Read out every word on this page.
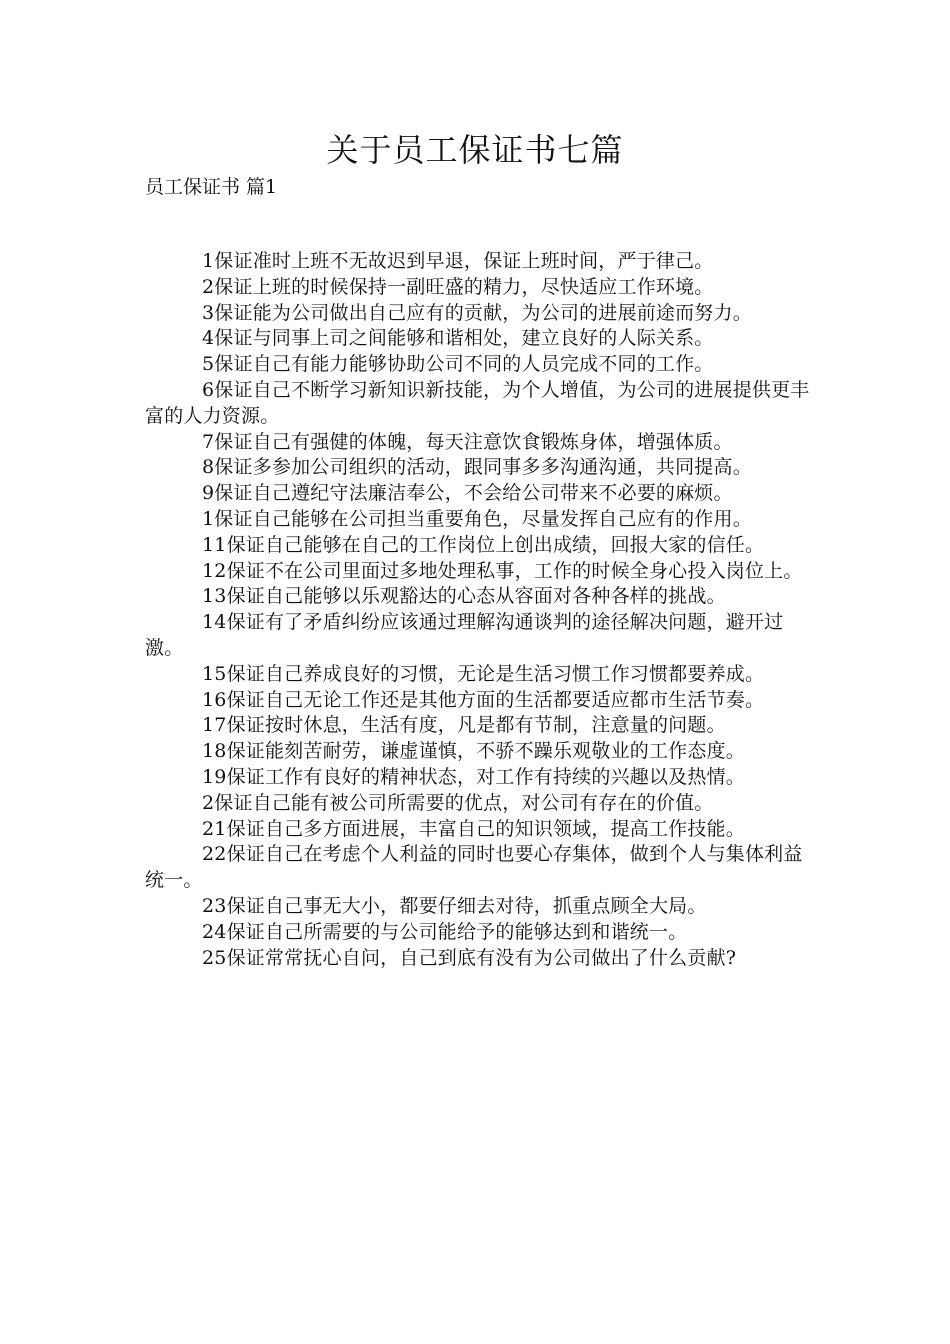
关于员工保证书七篇
员工保证书 篇1
1保证准时上班不无故迟到早退，保证上班时间，严于律己。
2保证上班的时候保持一副旺盛的精力，尽快适应工作环境。
3保证能为公司做出自己应有的贡献，为公司的进展前途而努力。
4保证与同事上司之间能够和谐相处，建立良好的人际关系。
5保证自己有能力能够协助公司不同的人员完成不同的工作。
6保证自己不断学习新知识新技能，为个人增值，为公司的进展提供更丰富的人力资源。
7保证自己有强健的体魄，每天注意饮食锻炼身体，增强体质。
8保证多参加公司组织的活动，跟同事多多沟通沟通，共同提高。
9保证自己遵纪守法廉洁奉公，不会给公司带来不必要的麻烦。
1保证自己能够在公司担当重要角色，尽量发挥自己应有的作用。
11保证自己能够在自己的工作岗位上创出成绩，回报大家的信任。
12保证不在公司里面过多地处理私事，工作的时候全身心投入岗位上。
13保证自己能够以乐观豁达的心态从容面对各种各样的挑战。
14保证有了矛盾纠纷应该通过理解沟通谈判的途径解决问题，避开过激。
15保证自己养成良好的习惯，无论是生活习惯工作习惯都要养成。
16保证自己无论工作还是其他方面的生活都要适应都市生活节奏。
17保证按时休息，生活有度，凡是都有节制，注意量的问题。
18保证能刻苦耐劳，谦虚谨慎，不骄不躁乐观敬业的工作态度。
19保证工作有良好的精神状态，对工作有持续的兴趣以及热情。
2保证自己能有被公司所需要的优点，对公司有存在的价值。
21保证自己多方面进展，丰富自己的知识领域，提高工作技能。
22保证自己在考虑个人利益的同时也要心存集体，做到个人与集体利益统一。
23保证自己事无大小，都要仔细去对待，抓重点顾全大局。
24保证自己所需要的与公司能给予的能够达到和谐统一。
25保证常常抚心自问，自己到底有没有为公司做出了什么贡献?
